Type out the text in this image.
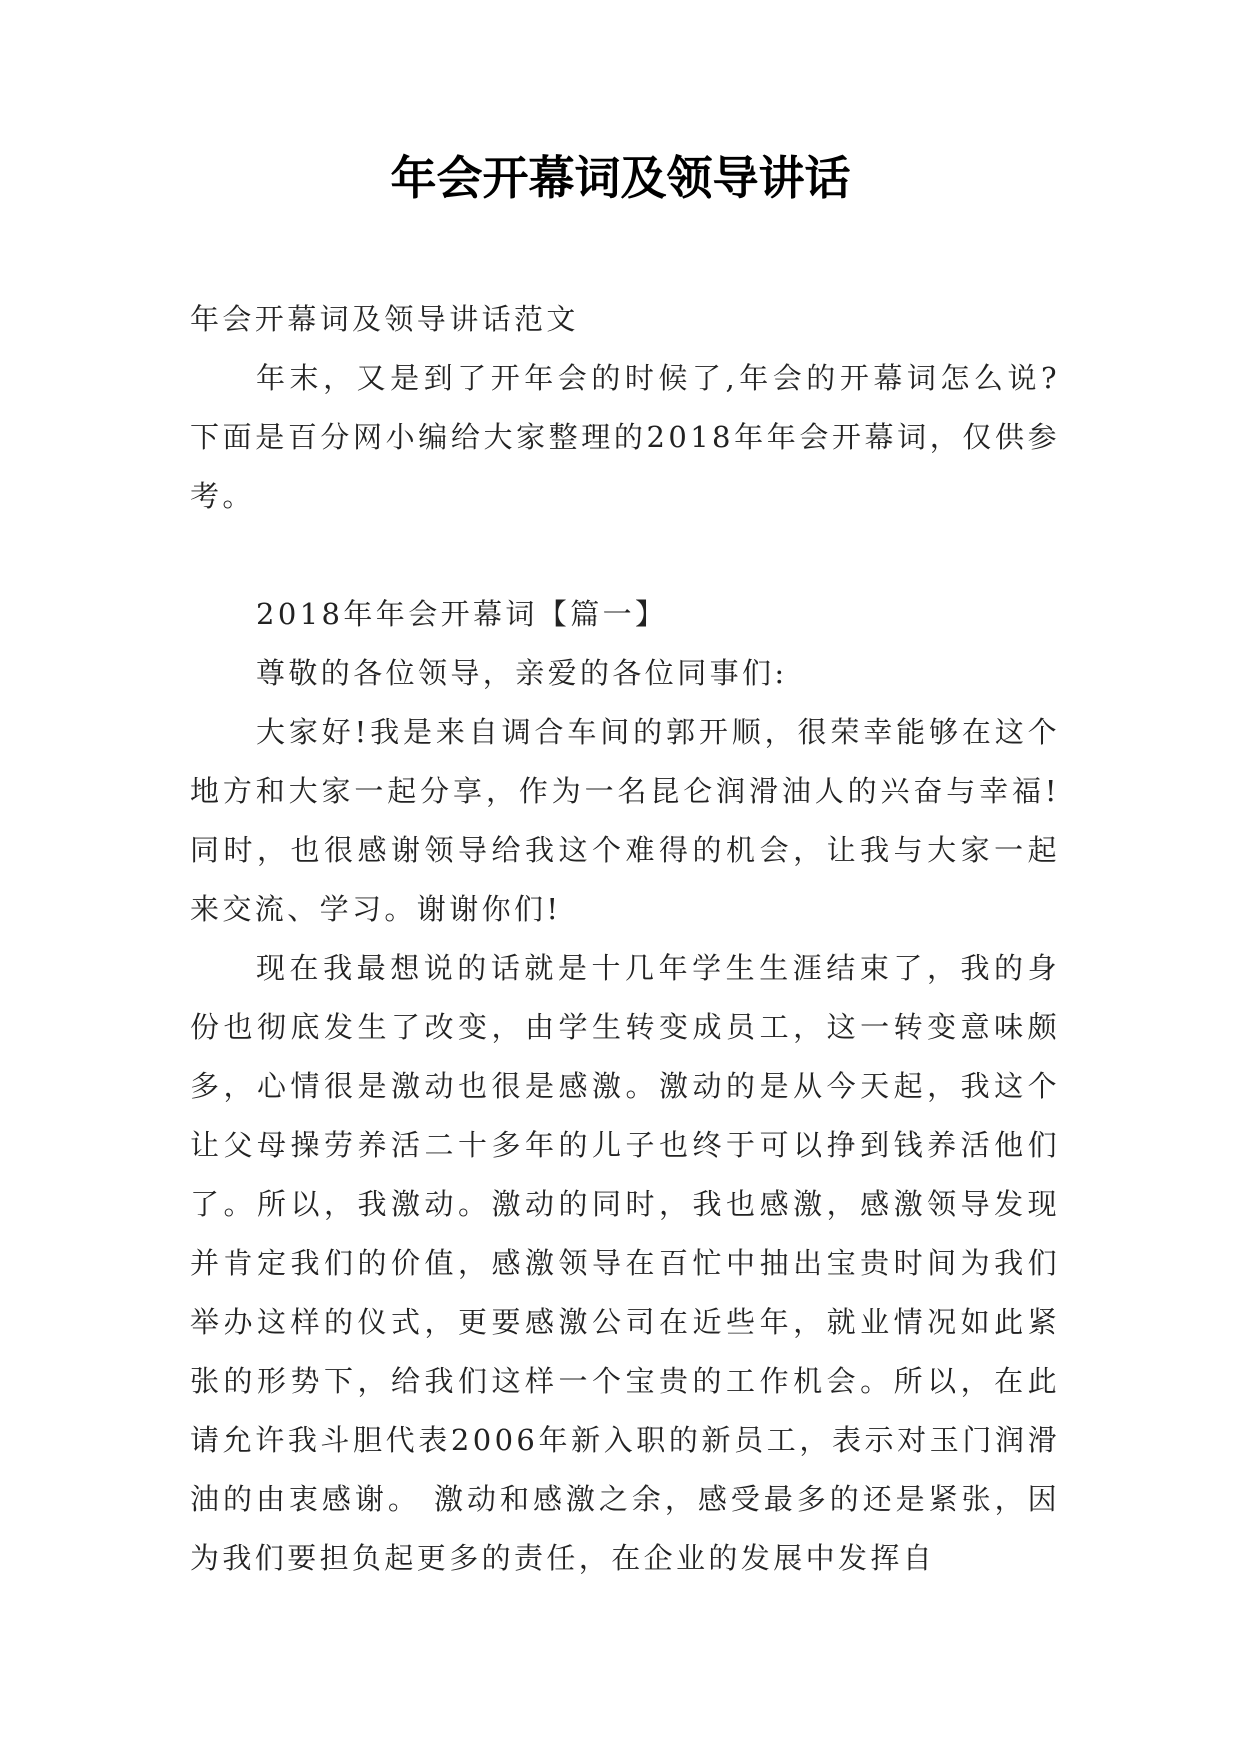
年会开幕词及领导讲话

年会开幕词及领导讲话范文

年末，又是到了开年会的时候了,年会的开幕词怎么说?下面是百分网小编给大家整理的2018年年会开幕词，仅供参考。

2018年年会开幕词【篇一】

尊敬的各位领导，亲爱的各位同事们:

大家好!我是来自调合车间的郭开顺，很荣幸能够在这个地方和大家一起分享，作为一名昆仑润滑油人的兴奋与幸福!同时，也很感谢领导给我这个难得的机会，让我与大家一起来交流、学习。谢谢你们!

现在我最想说的话就是十几年学生生涯结束了，我的身份也彻底发生了改变，由学生转变成员工，这一转变意味颇多，心情很是激动也很是感激。激动的是从今天起，我这个让父母操劳养活二十多年的儿子也终于可以挣到钱养活他们了。所以，我激动。激动的同时，我也感激，感激领导发现并肯定我们的价值，感激领导在百忙中抽出宝贵时间为我们举办这样的仪式，更要感激公司在近些年，就业情况如此紧张的形势下，给我们这样一个宝贵的工作机会。所以，在此请允许我斗胆代表2006年新入职的新员工，表示对玉门润滑油的由衷感谢。 激动和感激之余，感受最多的还是紧张，因为我们要担负起更多的责任，在企业的发展中发挥自
